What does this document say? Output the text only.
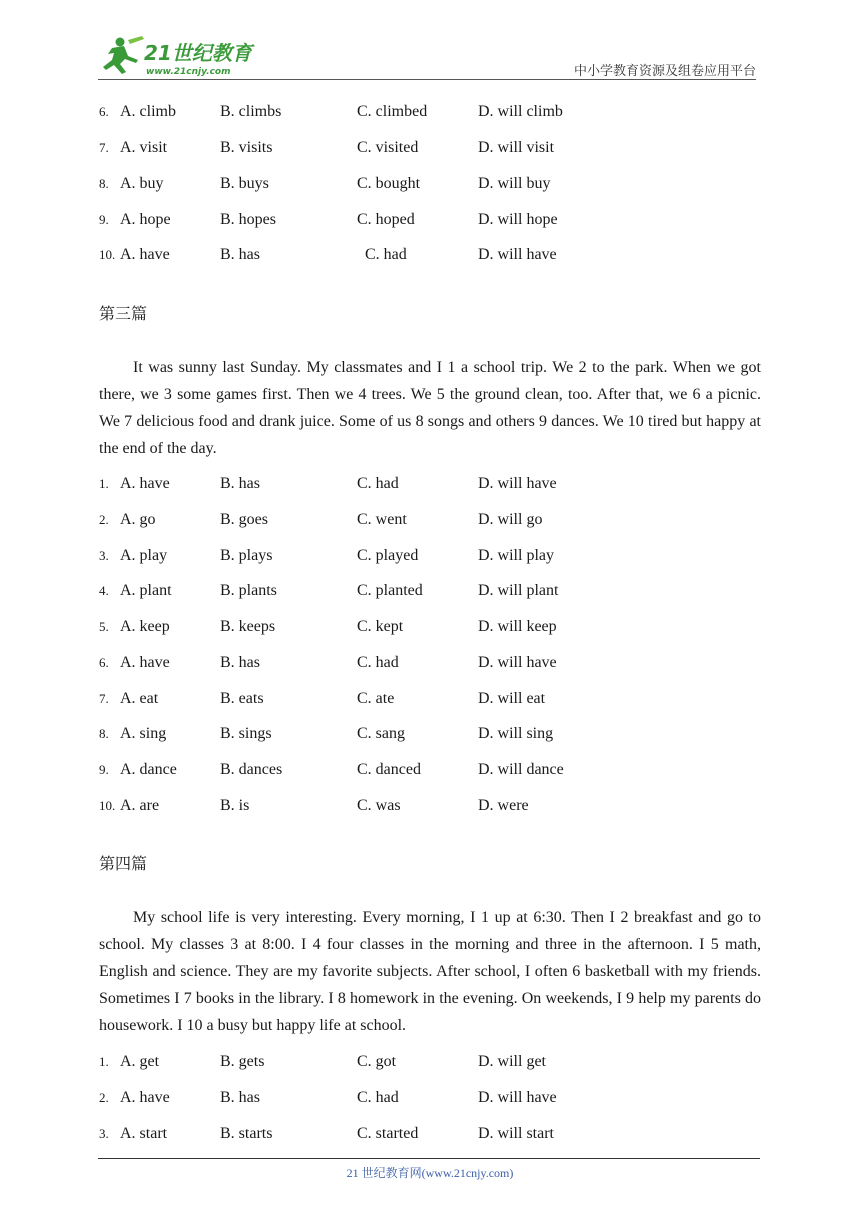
21世纪教育
www.21cnjy.com	中小学教育资源及组卷应用平台
6. A. climb	B. climbs	C. climbed	D. will climb
7. A. visit	B. visits	C. visited	D. will visit
8. A. buy	B. buys	C. bought	D. will buy
9. A. hope	B. hopes	C. hoped	D. will hope
10. A. have	B. has	C. had	D. will have
第三篇

It was sunny last Sunday. My classmates and I 1 a school trip. We 2 to the park. When we got there, we 3 some games first. Then we 4 trees. We 5 the ground clean, too. After that, we 6 a picnic. We 7 delicious food and drank juice. Some of us 8 songs and others 9 dances. We 10 tired but happy at the end of the day.

1. A. have	B. has	C. had	D. will have
2. A. go	B. goes	C. went	D. will go
3. A. play	B. plays	C. played	D. will play
4. A. plant	B. plants	C. planted	D. will plant
5. A. keep	B. keeps	C. kept	D. will keep
6. A. have	B. has	C. had	D. will have
7. A. eat	B. eats	C. ate	D. will eat
8. A. sing	B. sings	C. sang	D. will sing
9. A. dance	B. dances	C. danced	D. will dance
10. A. are	B. is	C. was	D. were
第四篇

My school life is very interesting. Every morning, I 1 up at 6:30. Then I 2 breakfast and go to school. My classes 3 at 8:00. I 4 four classes in the morning and three in the afternoon. I 5 math, English and science. They are my favorite subjects. After school, I often 6 basketball with my friends. Sometimes I 7 books in the library. I 8 homework in the evening. On weekends, I 9 help my parents do housework. I 10 a busy but happy life at school.

1. A. get	B. gets	C. got	D. will get
2. A. have	B. has	C. had	D. will have
3. A. start	B. starts	C. started	D. will start
21 世纪教育网(www.21cnjy.com)
